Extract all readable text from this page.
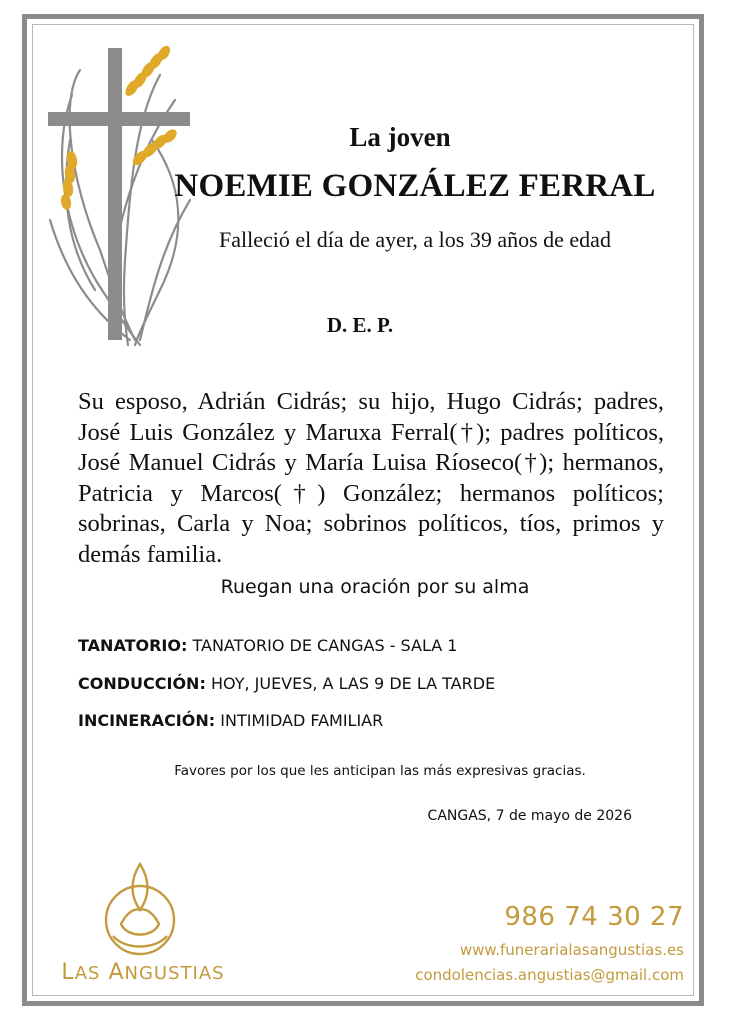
La joven
NOEMIE GONZÁLEZ FERRAL
Falleció el día de ayer, a los 39 años de edad
D. E. P.

Su esposo, Adrián Cidrás; su hijo, Hugo Cidrás; padres, José Luis González y Maruxa Ferral(†); padres políticos, José Manuel Cidrás y María Luisa Ríoseco(†); hermanos, Patricia y Marcos(†) González; hermanos políticos; sobrinas, Carla y Noa; sobrinos políticos, tíos, primos y demás familia.

Ruegan una oración por su alma
TANATORIO: TANATORIO DE CANGAS - SALA 1
CONDUCCIÓN: HOY, JUEVES, A LAS 9 DE LA TARDE
INCINERACIÓN: INTIMIDAD FAMILIAR
Favores por los que les anticipan las más expresivas gracias.
CANGAS, 7 de mayo de 2026
LAS ANGUSTIAS
986 74 30 27
www.funerarialasangustias.es
condolencias.angustias@gmail.com
